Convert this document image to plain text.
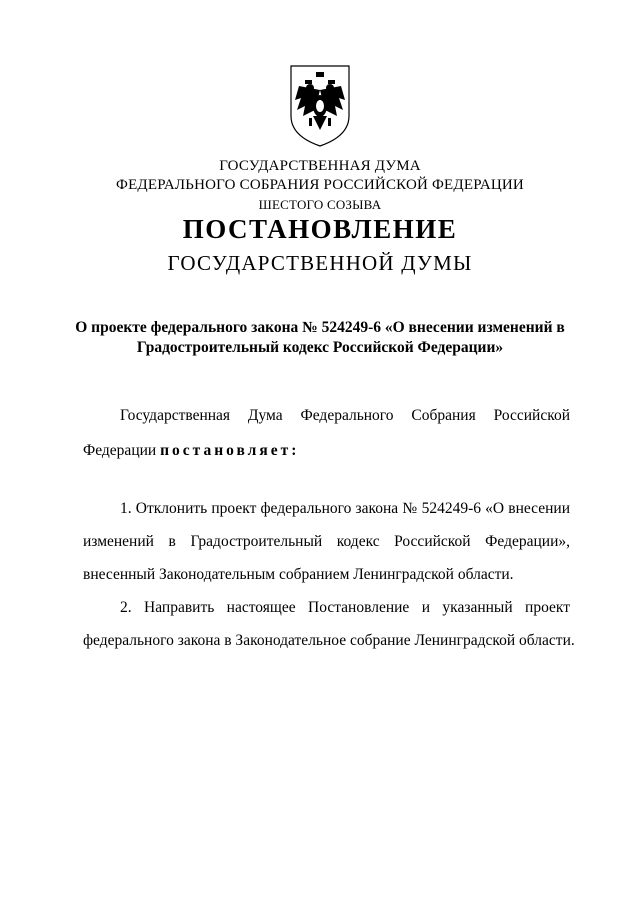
ГОСУДАРСТВЕННАЯ ДУМА
ФЕДЕРАЛЬНОГО СОБРАНИЯ РОССИЙСКОЙ ФЕДЕРАЦИИ
ШЕСТОГО СОЗЫВА
ПОСТАНОВЛЕНИЕ
ГОСУДАРСТВЕННОЙ ДУМЫ
О проекте федерального закона № 524249-6 «О внесении изменений в
Градостроительный кодекс Российской Федерации»
Государственная Дума Федерального Собрания Российской
Федерации постановляет:
1. Отклонить проект федерального закона № 524249-6 «О внесении
изменений в Градостроительный кодекс Российской Федерации»,
внесенный Законодательным собранием Ленинградской области.
2. Направить настоящее Постановление и указанный проект
федерального закона в Законодательное собрание Ленинградской области.
